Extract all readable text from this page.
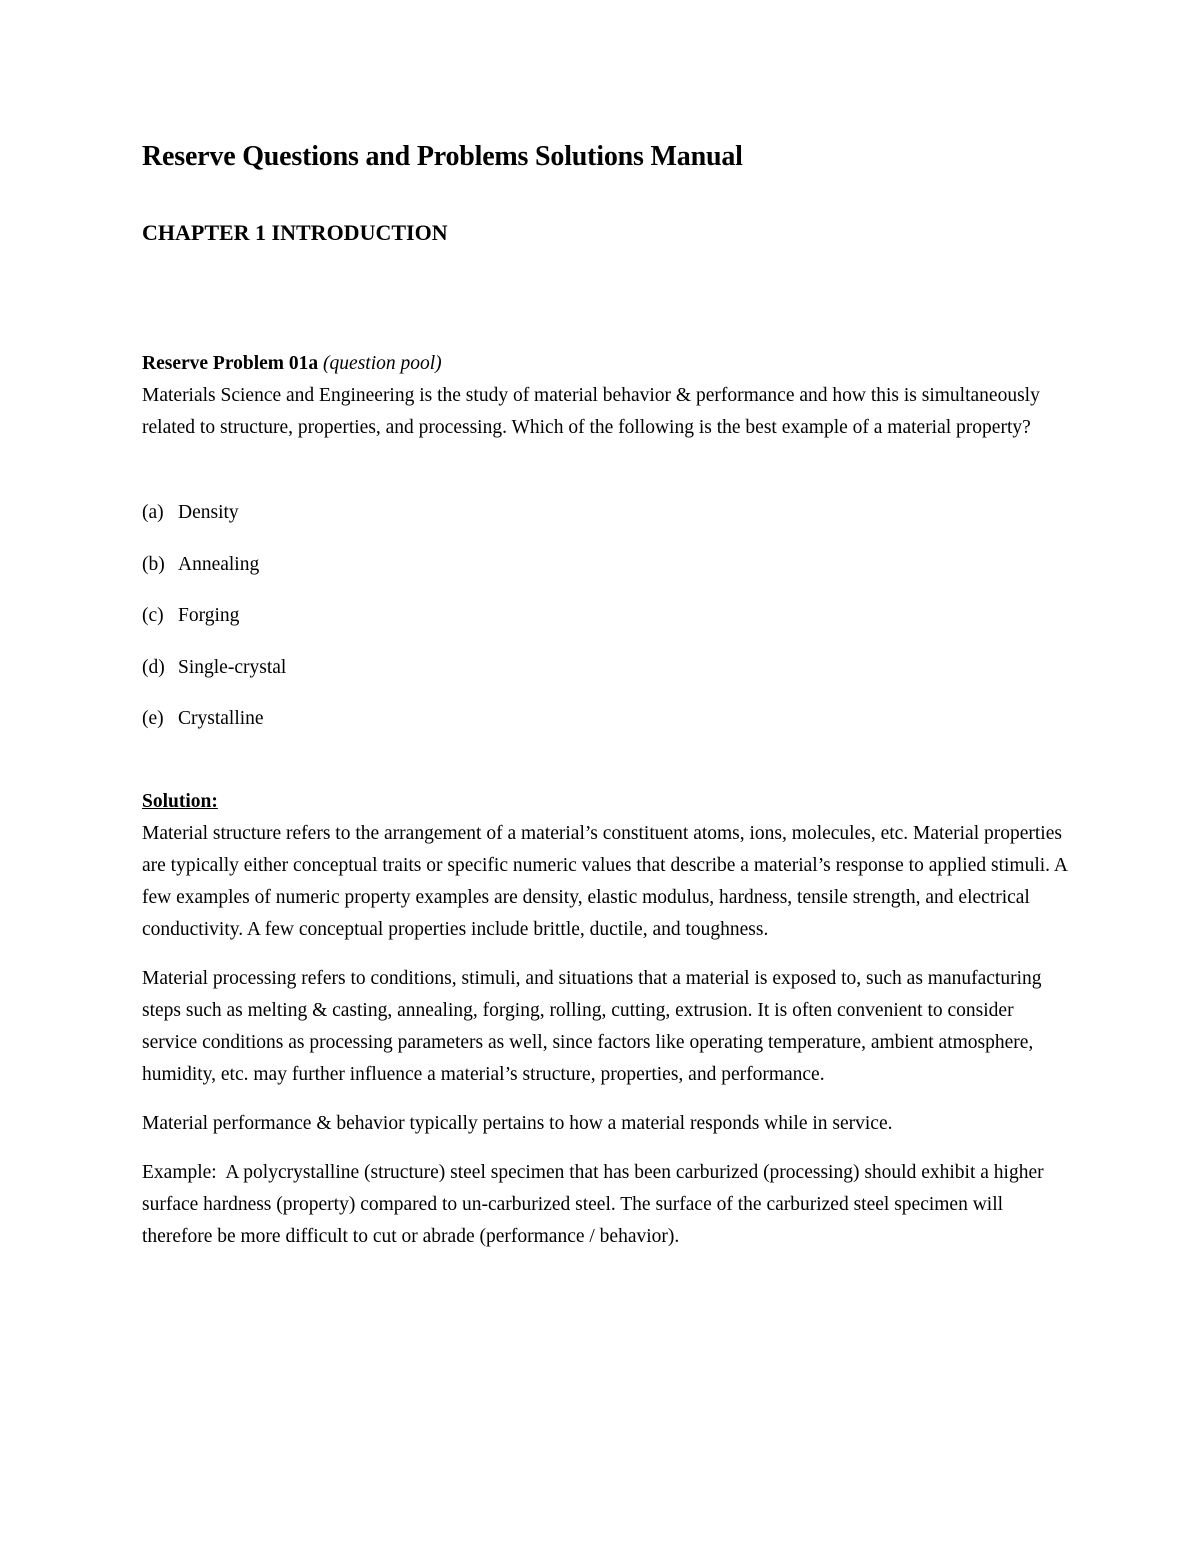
Reserve Questions and Problems Solutions Manual
CHAPTER 1 INTRODUCTION

Reserve Problem 01a (question pool)
Materials Science and Engineering is the study of material behavior & performance and how this is simultaneously related to structure, properties, and processing. Which of the following is the best example of a material property?

(a) Density
(b) Annealing
(c) Forging
(d) Single-crystal
(e) Crystalline

Solution:
Material structure refers to the arrangement of a material’s constituent atoms, ions, molecules, etc. Material properties are typically either conceptual traits or specific numeric values that describe a material’s response to applied stimuli. A few examples of numeric property examples are density, elastic modulus, hardness, tensile strength, and electrical conductivity. A few conceptual properties include brittle, ductile, and toughness.

Material processing refers to conditions, stimuli, and situations that a material is exposed to, such as manufacturing steps such as melting & casting, annealing, forging, rolling, cutting, extrusion. It is often convenient to consider service conditions as processing parameters as well, since factors like operating temperature, ambient atmosphere, humidity, etc. may further influence a material’s structure, properties, and performance.

Material performance & behavior typically pertains to how a material responds while in service.

Example:  A polycrystalline (structure) steel specimen that has been carburized (processing) should exhibit a higher surface hardness (property) compared to un-carburized steel. The surface of the carburized steel specimen will therefore be more difficult to cut or abrade (performance / behavior).
